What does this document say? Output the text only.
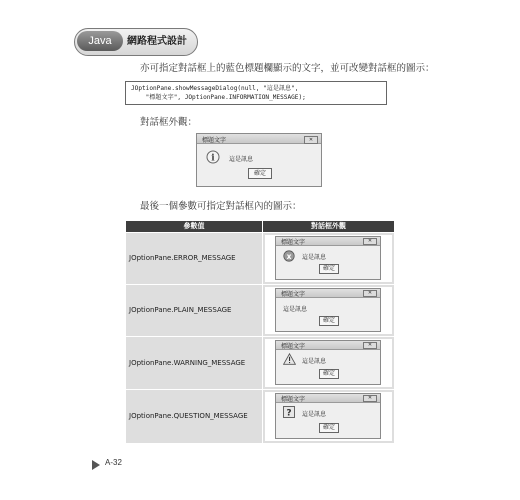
Java	網路程式設計
亦可指定對話框上的藍色標題欄顯示的文字，並可改變對話框的圖示：
JOptionPane.showMessageDialog(null, "這是訊息",
"標題文字", JOptionPane.INFORMATION_MESSAGE);
對話框外觀：
標題文字	✕
i 這是訊息
確定
最後一個參數可指定對話框內的圖示：
參數值	對話框外觀
JOptionPane.ERROR_MESSAGE
標題文字	✕
x 這是訊息
確定
JOptionPane.PLAIN_MESSAGE
標題文字	✕
這是訊息
確定
JOptionPane.WARNING_MESSAGE
標題文字	✕
這是訊息
確定
JOptionPane.QUESTION_MESSAGE
標題文字	✕
? 這是訊息
確定
A-32
